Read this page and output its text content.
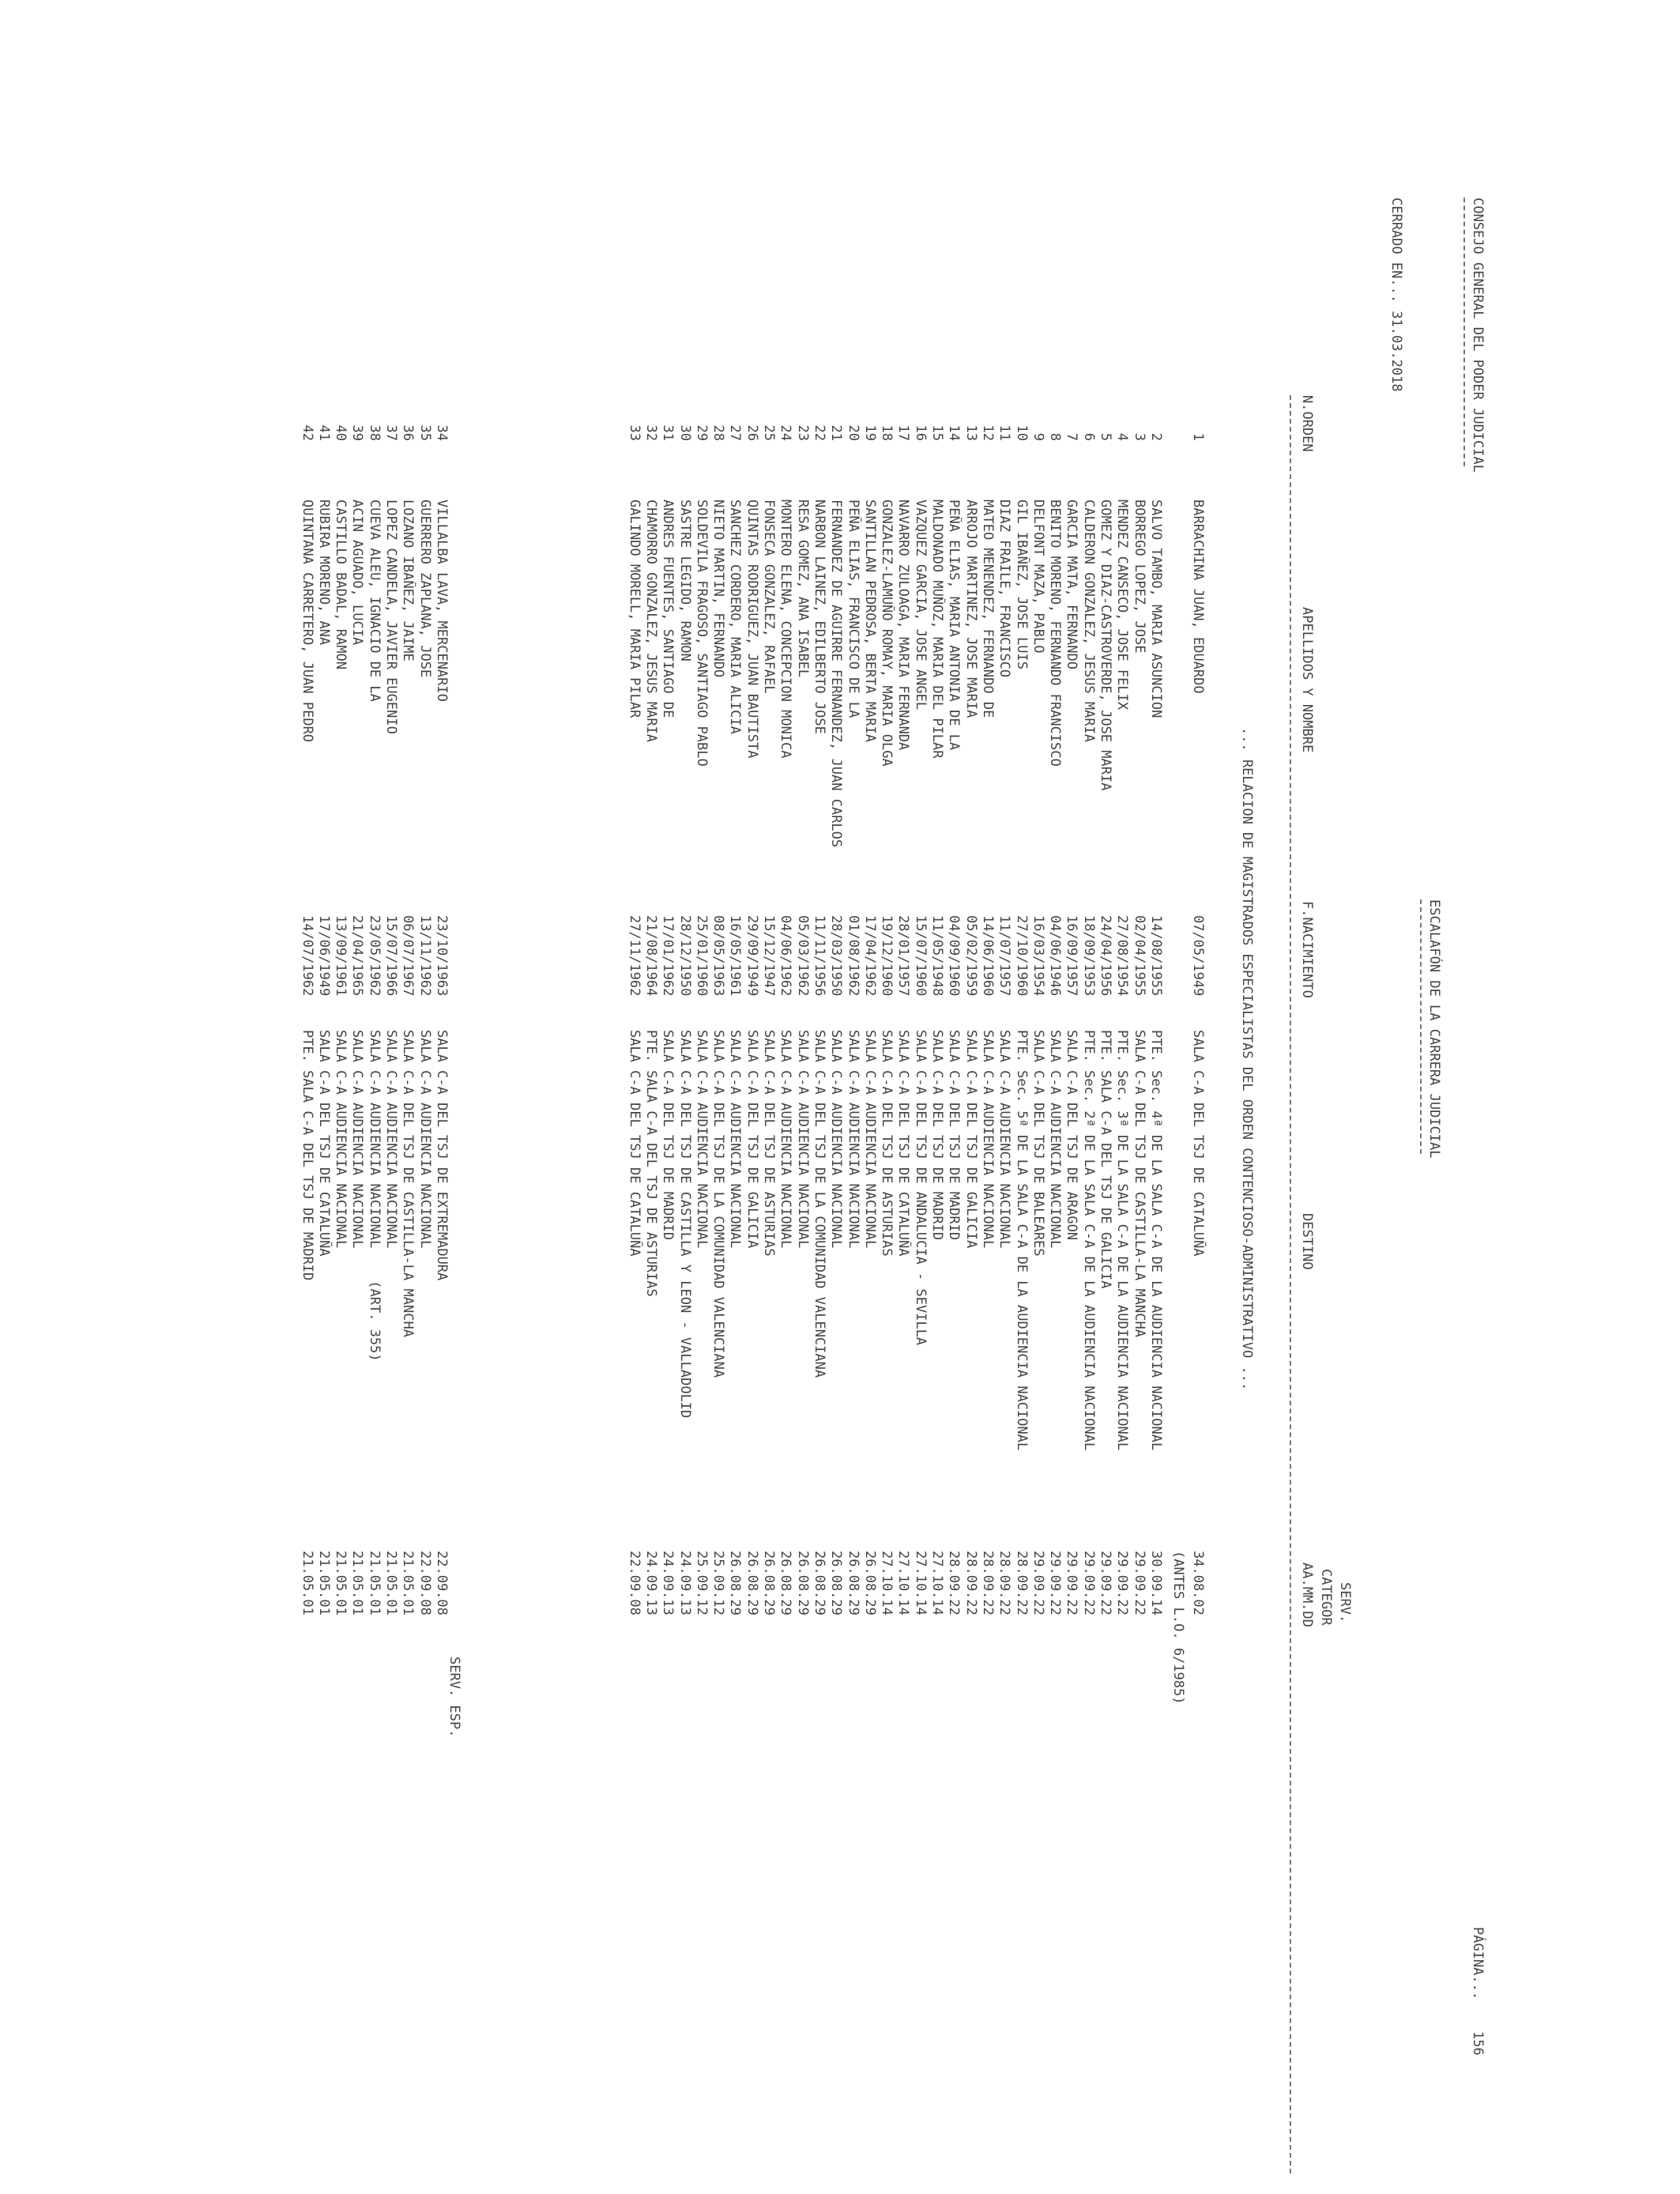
CONSEJO GENERAL DEL PODER JUDICIAL
ESCALAFÓN DE LA CARRERA JUDICIAL
PÁGINA...
156
CERRADO EN... 31.03.2018
N.ORDEN
APELLIDOS Y NOMBRE
F.NACIMIENTO
DESTINO
SERV.
CATEGOR
AA.MM.DD
... RELACION DE MAGISTRADOS ESPECIALISTAS DEL ORDEN CONTENCIOSO-ADMINISTRATIVO ...
1
BARRACHINA JUAN, EDUARDO
07/05/1949
SALA C-A DEL TSJ DE CATALUÑA
34.08.02
(ANTES L.O. 6/1985)
2
SALVO TAMBO, MARIA ASUNCION
14/08/1955
PTE. Sec. 4ª DE LA SALA C-A DE LA AUDIENCIA NACIONAL
30.09.14
3
BORREGO LOPEZ, JOSE
02/04/1955
SALA C-A DEL TSJ DE CASTILLA-LA MANCHA
29.09.22
4
MENDEZ CANSECO, JOSE FELIX
27/08/1954
PTE. Sec. 3ª DE LA SALA C-A DE LA AUDIENCIA NACIONAL
29.09.22
5
GOMEZ Y DIAZ-CASTROVERDE, JOSE MARIA
24/04/1956
PTE. SALA C-A DEL TSJ DE GALICIA
29.09.22
6
CALDERON GONZALEZ, JESUS MARIA
18/09/1953
PTE. Sec. 2ª DE LA SALA C-A DE LA AUDIENCIA NACIONAL
29.09.22
7
GARCIA MATA, FERNANDO
16/09/1957
SALA C-A DEL TSJ DE ARAGON
29.09.22
8
BENITO MORENO, FERNANDO FRANCISCO
04/06/1946
SALA C-A AUDIENCIA NACIONAL
29.09.22
9
DELFONT MAZA, PABLO
16/03/1954
SALA C-A DEL TSJ DE BALEARES
29.09.22
10
GIL IBAÑEZ, JOSE LUIS
27/10/1960
PTE. Sec. 5ª DE LA SALA C-A DE LA AUDIENCIA NACIONAL
28.09.22
11
DIAZ FRAILE, FRANCISCO
11/07/1957
SALA C-A AUDIENCIA NACIONAL
28.09.22
12
MATEO MENENDEZ, FERNANDO DE
14/06/1960
SALA C-A AUDIENCIA NACIONAL
28.09.22
13
ARROJO MARTINEZ, JOSE MARIA
05/02/1959
SALA C-A DEL TSJ DE GALICIA
28.09.22
14
PEÑA ELIAS, MARIA ANTONIA DE LA
04/09/1960
SALA C-A DEL TSJ DE MADRID
28.09.22
15
MALDONADO MUÑOZ, MARIA DEL PILAR
11/05/1948
SALA C-A DEL TSJ DE MADRID
27.10.14
16
VAZQUEZ GARCIA, JOSE ANGEL
15/07/1960
SALA C-A DEL TSJ DE ANDALUCIA - SEVILLA
27.10.14
17
NAVARRO ZULOAGA, MARIA FERNANDA
28/01/1957
SALA C-A DEL TSJ DE CATALUÑA
27.10.14
18
GONZALEZ-LAMUÑO ROMAY, MARIA OLGA
19/12/1960
SALA C-A DEL TSJ DE ASTURIAS
27.10.14
19
SANTILLAN PEDROSA, BERTA MARIA
17/04/1962
SALA C-A AUDIENCIA NACIONAL
26.08.29
20
PEÑA ELIAS, FRANCISCO DE LA
01/08/1962
SALA C-A AUDIENCIA NACIONAL
26.08.29
21
FERNANDEZ DE AGUIRRE FERNANDEZ, JUAN CARLOS
28/03/1950
SALA C-A AUDIENCIA NACIONAL
26.08.29
22
NARBON LAINEZ, EDILBERTO JOSE
11/11/1956
SALA C-A DEL TSJ DE LA COMUNIDAD VALENCIANA
26.08.29
23
RESA GOMEZ, ANA ISABEL
05/03/1962
SALA C-A AUDIENCIA NACIONAL
26.08.29
24
MONTERO ELENA, CONCEPCION MONICA
04/06/1962
SALA C-A AUDIENCIA NACIONAL
26.08.29
25
FONSECA GONZALEZ, RAFAEL
15/12/1947
SALA C-A DEL TSJ DE ASTURIAS
26.08.29
26
QUINTAS RODRIGUEZ, JUAN BAUTISTA
29/09/1949
SALA C-A DEL TSJ DE GALICIA
26.08.29
27
SANCHEZ CORDERO, MARIA ALICIA
16/05/1961
SALA C-A AUDIENCIA NACIONAL
26.08.29
28
NIETO MARTIN, FERNANDO
08/05/1963
SALA C-A DEL TSJ DE LA COMUNIDAD VALENCIANA
25.09.12
29
SOLDEVILA FRAGOSO, SANTIAGO PABLO
25/01/1960
SALA C-A AUDIENCIA NACIONAL
25.09.12
30
SASTRE LEGIDO, RAMON
28/12/1950
SALA C-A DEL TSJ DE CASTILLA Y LEON - VALLADOLID
24.09.13
31
ANDRES FUENTES, SANTIAGO DE
17/01/1962
SALA C-A DEL TSJ DE MADRID
24.09.13
32
CHAMORRO GONZALEZ, JESUS MARIA
21/08/1964
PTE. SALA C-A DEL TSJ DE ASTURIAS
24.09.13
33
GALINDO MORELL, MARIA PILAR
27/11/1962
SALA C-A DEL TSJ DE CATALUÑA
22.09.08
SERV. ESP.
34
VILLALBA LAVA, MERCENARIO
23/10/1963
SALA C-A DEL TSJ DE EXTREMADURA
22.09.08
35
GUERRERO ZAPLANA, JOSE
13/11/1962
SALA C-A AUDIENCIA NACIONAL
22.09.08
36
LOZANO IBAÑEZ, JAIME
06/07/1967
SALA C-A DEL TSJ DE CASTILLA-LA MANCHA
21.05.01
37
LOPEZ CANDELA, JAVIER EUGENIO
15/07/1966
SALA C-A AUDIENCIA NACIONAL
21.05.01
38
CUEVA ALEU, IGNACIO DE LA
23/05/1962
SALA C-A AUDIENCIA NACIONAL    (ART. 355)
21.05.01
39
ACIN AGUADO, LUCIA
21/04/1965
SALA C-A AUDIENCIA NACIONAL
21.05.01
40
CASTILLO BADAL, RAMON
13/09/1961
SALA C-A AUDIENCIA NACIONAL
21.05.01
41
RUBIRA MORENO, ANA
17/06/1949
SALA C-A DEL TSJ DE CATALUÑA
21.05.01
42
QUINTANA CARRETERO, JUAN PEDRO
14/07/1962
PTE. SALA C-A DEL TSJ DE MADRID
21.05.01
